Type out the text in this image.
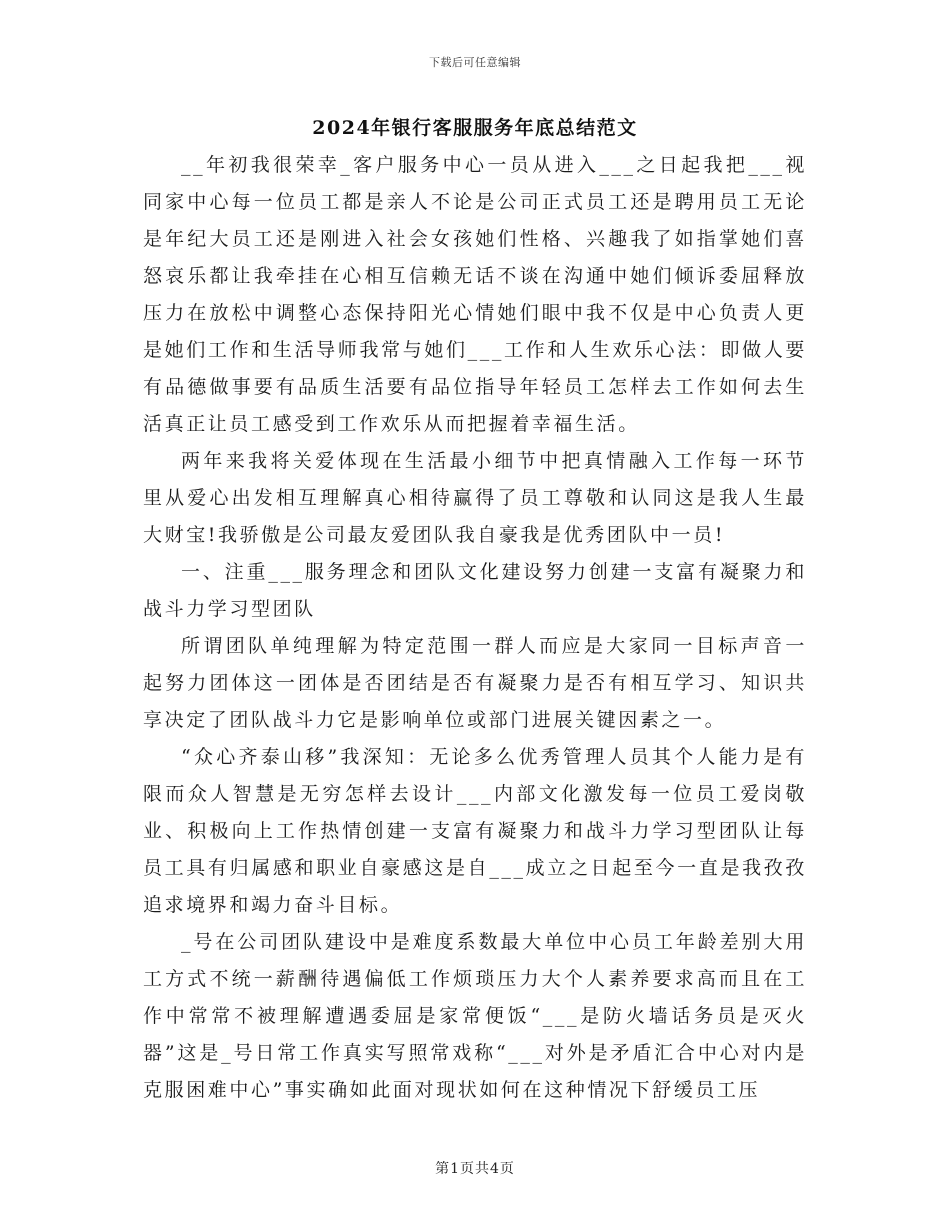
下载后可任意编辑
2024年银行客服服务年底总结范文

__年初我很荣幸_客户服务中心一员从进入___之日起我把___视同家中心每一位员工都是亲人不论是公司正式员工还是聘用员工无论是年纪大员工还是刚进入社会女孩她们性格、兴趣我了如指掌她们喜怒哀乐都让我牵挂在心相互信赖无话不谈在沟通中她们倾诉委屈释放压力在放松中调整心态保持阳光心情她们眼中我不仅是中心负责人更是她们工作和生活导师我常与她们___工作和人生欢乐心法：即做人要有品德做事要有品质生活要有品位指导年轻员工怎样去工作如何去生活真正让员工感受到工作欢乐从而把握着幸福生活。

两年来我将关爱体现在生活最小细节中把真情融入工作每一环节里从爱心出发相互理解真心相待赢得了员工尊敬和认同这是我人生最大财宝!我骄傲是公司最友爱团队我自豪我是优秀团队中一员!

一、注重___服务理念和团队文化建设努力创建一支富有凝聚力和战斗力学习型团队

所谓团队单纯理解为特定范围一群人而应是大家同一目标声音一起努力团体这一团体是否团结是否有凝聚力是否有相互学习、知识共享决定了团队战斗力它是影响单位或部门进展关键因素之一。

“众心齐泰山移”我深知：无论多么优秀管理人员其个人能力是有限而众人智慧是无穷怎样去设计___内部文化激发每一位员工爱岗敬业、积极向上工作热情创建一支富有凝聚力和战斗力学习型团队让每员工具有归属感和职业自豪感这是自___成立之日起至今一直是我孜孜追求境界和竭力奋斗目标。

_号在公司团队建设中是难度系数最大单位中心员工年龄差别大用工方式不统一薪酬待遇偏低工作烦琐压力大个人素养要求高而且在工作中常常不被理解遭遇委屈是家常便饭“___是防火墙话务员是灭火器”这是_号日常工作真实写照常戏称“___对外是矛盾汇合中心对内是克服困难中心”事实确如此面对现状如何在这种情况下舒缓员工压

第1页共4页
